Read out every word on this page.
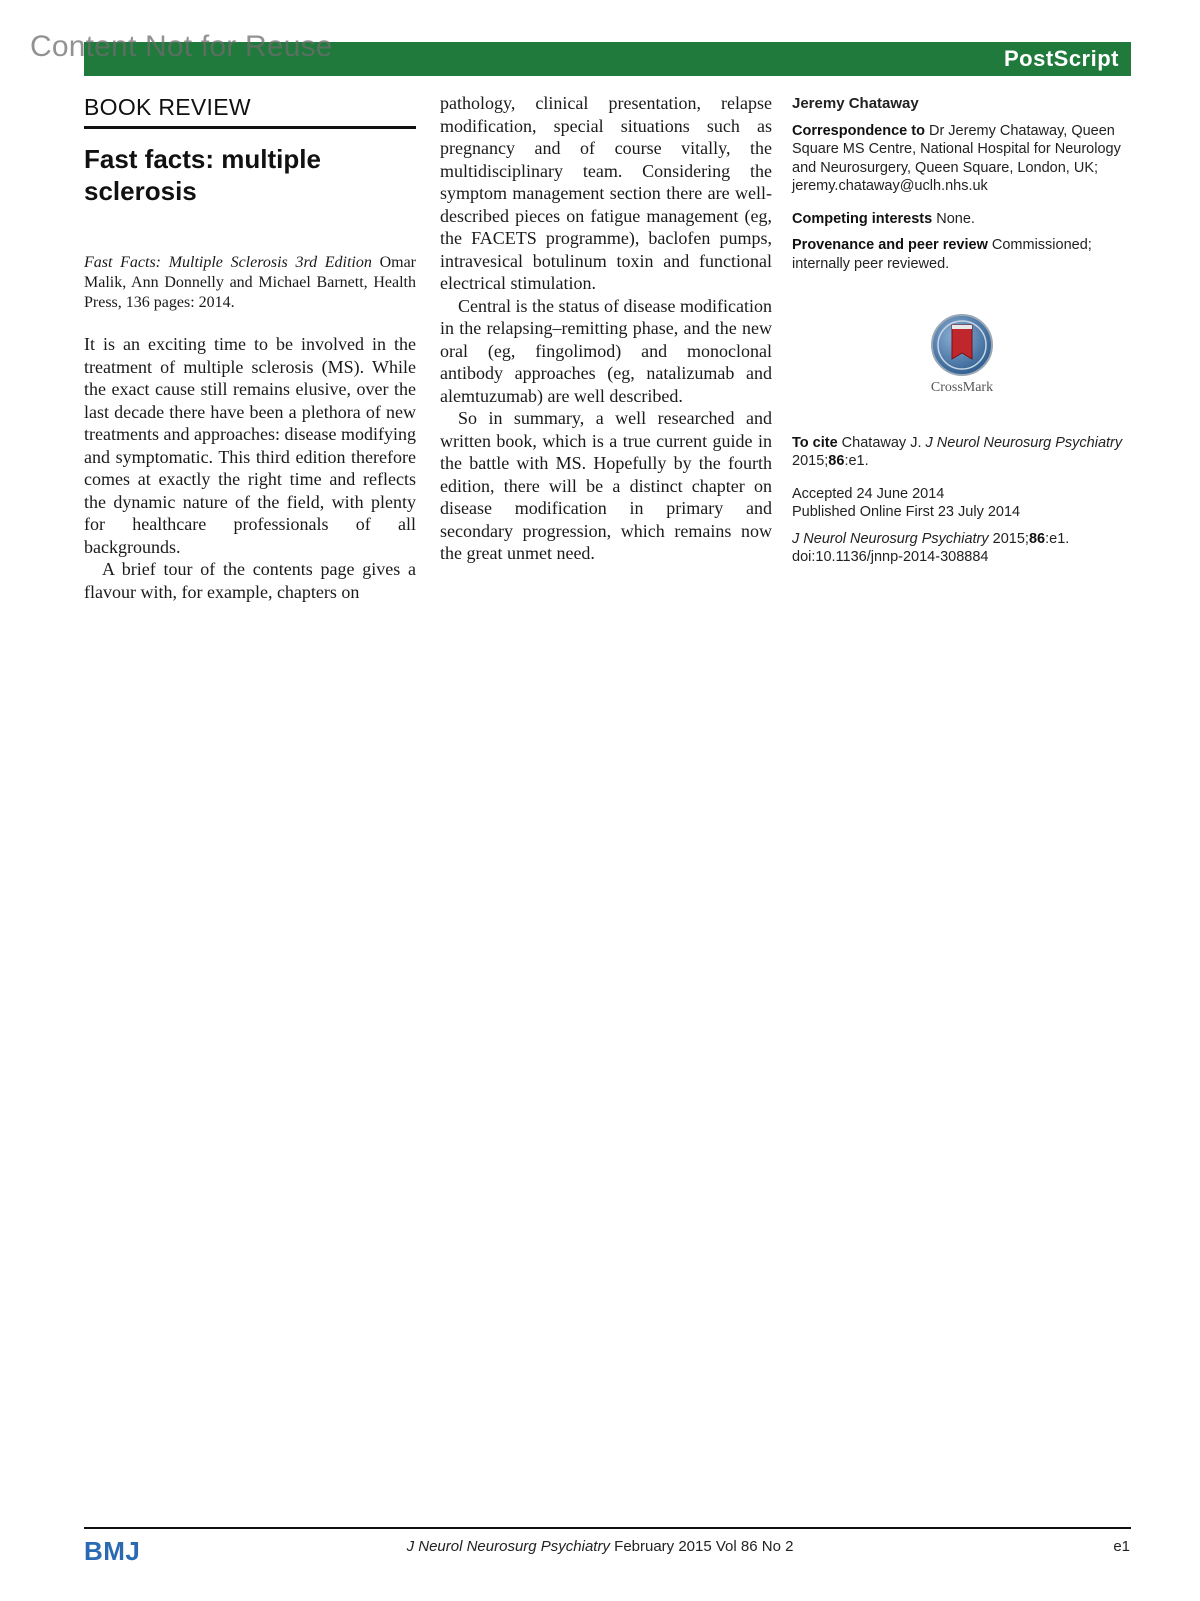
Content Not for Reuse	PostScript
BOOK REVIEW
Fast facts: multiple sclerosis
Fast Facts: Multiple Sclerosis 3rd Edition Omar Malik, Ann Donnelly and Michael Barnett, Health Press, 136 pages: 2014.

It is an exciting time to be involved in the treatment of multiple sclerosis (MS). While the exact cause still remains elusive, over the last decade there have been a plethora of new treatments and approaches: disease modifying and symptomatic. This third edition therefore comes at exactly the right time and reflects the dynamic nature of the field, with plenty for healthcare professionals of all backgrounds.

A brief tour of the contents page gives a flavour with, for example, chapters on

pathology, clinical presentation, relapse modification, special situations such as pregnancy and of course vitally, the multidisciplinary team. Considering the symptom management section there are well-described pieces on fatigue management (eg, the FACETS programme), baclofen pumps, intravesical botulinum toxin and functional electrical stimulation.

Central is the status of disease modification in the relapsing–remitting phase, and the new oral (eg, fingolimod) and monoclonal antibody approaches (eg, natalizumab and alemtuzumab) are well described.

So in summary, a well researched and written book, which is a true current guide in the battle with MS. Hopefully by the fourth edition, there will be a distinct chapter on disease modification in primary and secondary progression, which remains now the great unmet need.

Jeremy Chataway
Correspondence to Dr Jeremy Chataway, Queen Square MS Centre, National Hospital for Neurology and Neurosurgery, Queen Square, London, UK; jeremy.chataway@uclh.nhs.uk
Competing interests None.
Provenance and peer review Commissioned; internally peer reviewed.
CrossMark
To cite Chataway J. J Neurol Neurosurg Psychiatry 2015;86:e1.
Accepted 24 June 2014
Published Online First 23 July 2014
J Neurol Neurosurg Psychiatry 2015;86:e1.
doi:10.1136/jnnp-2014-308884
BMJ	J Neurol Neurosurg Psychiatry February 2015 Vol 86 No 2	e1
